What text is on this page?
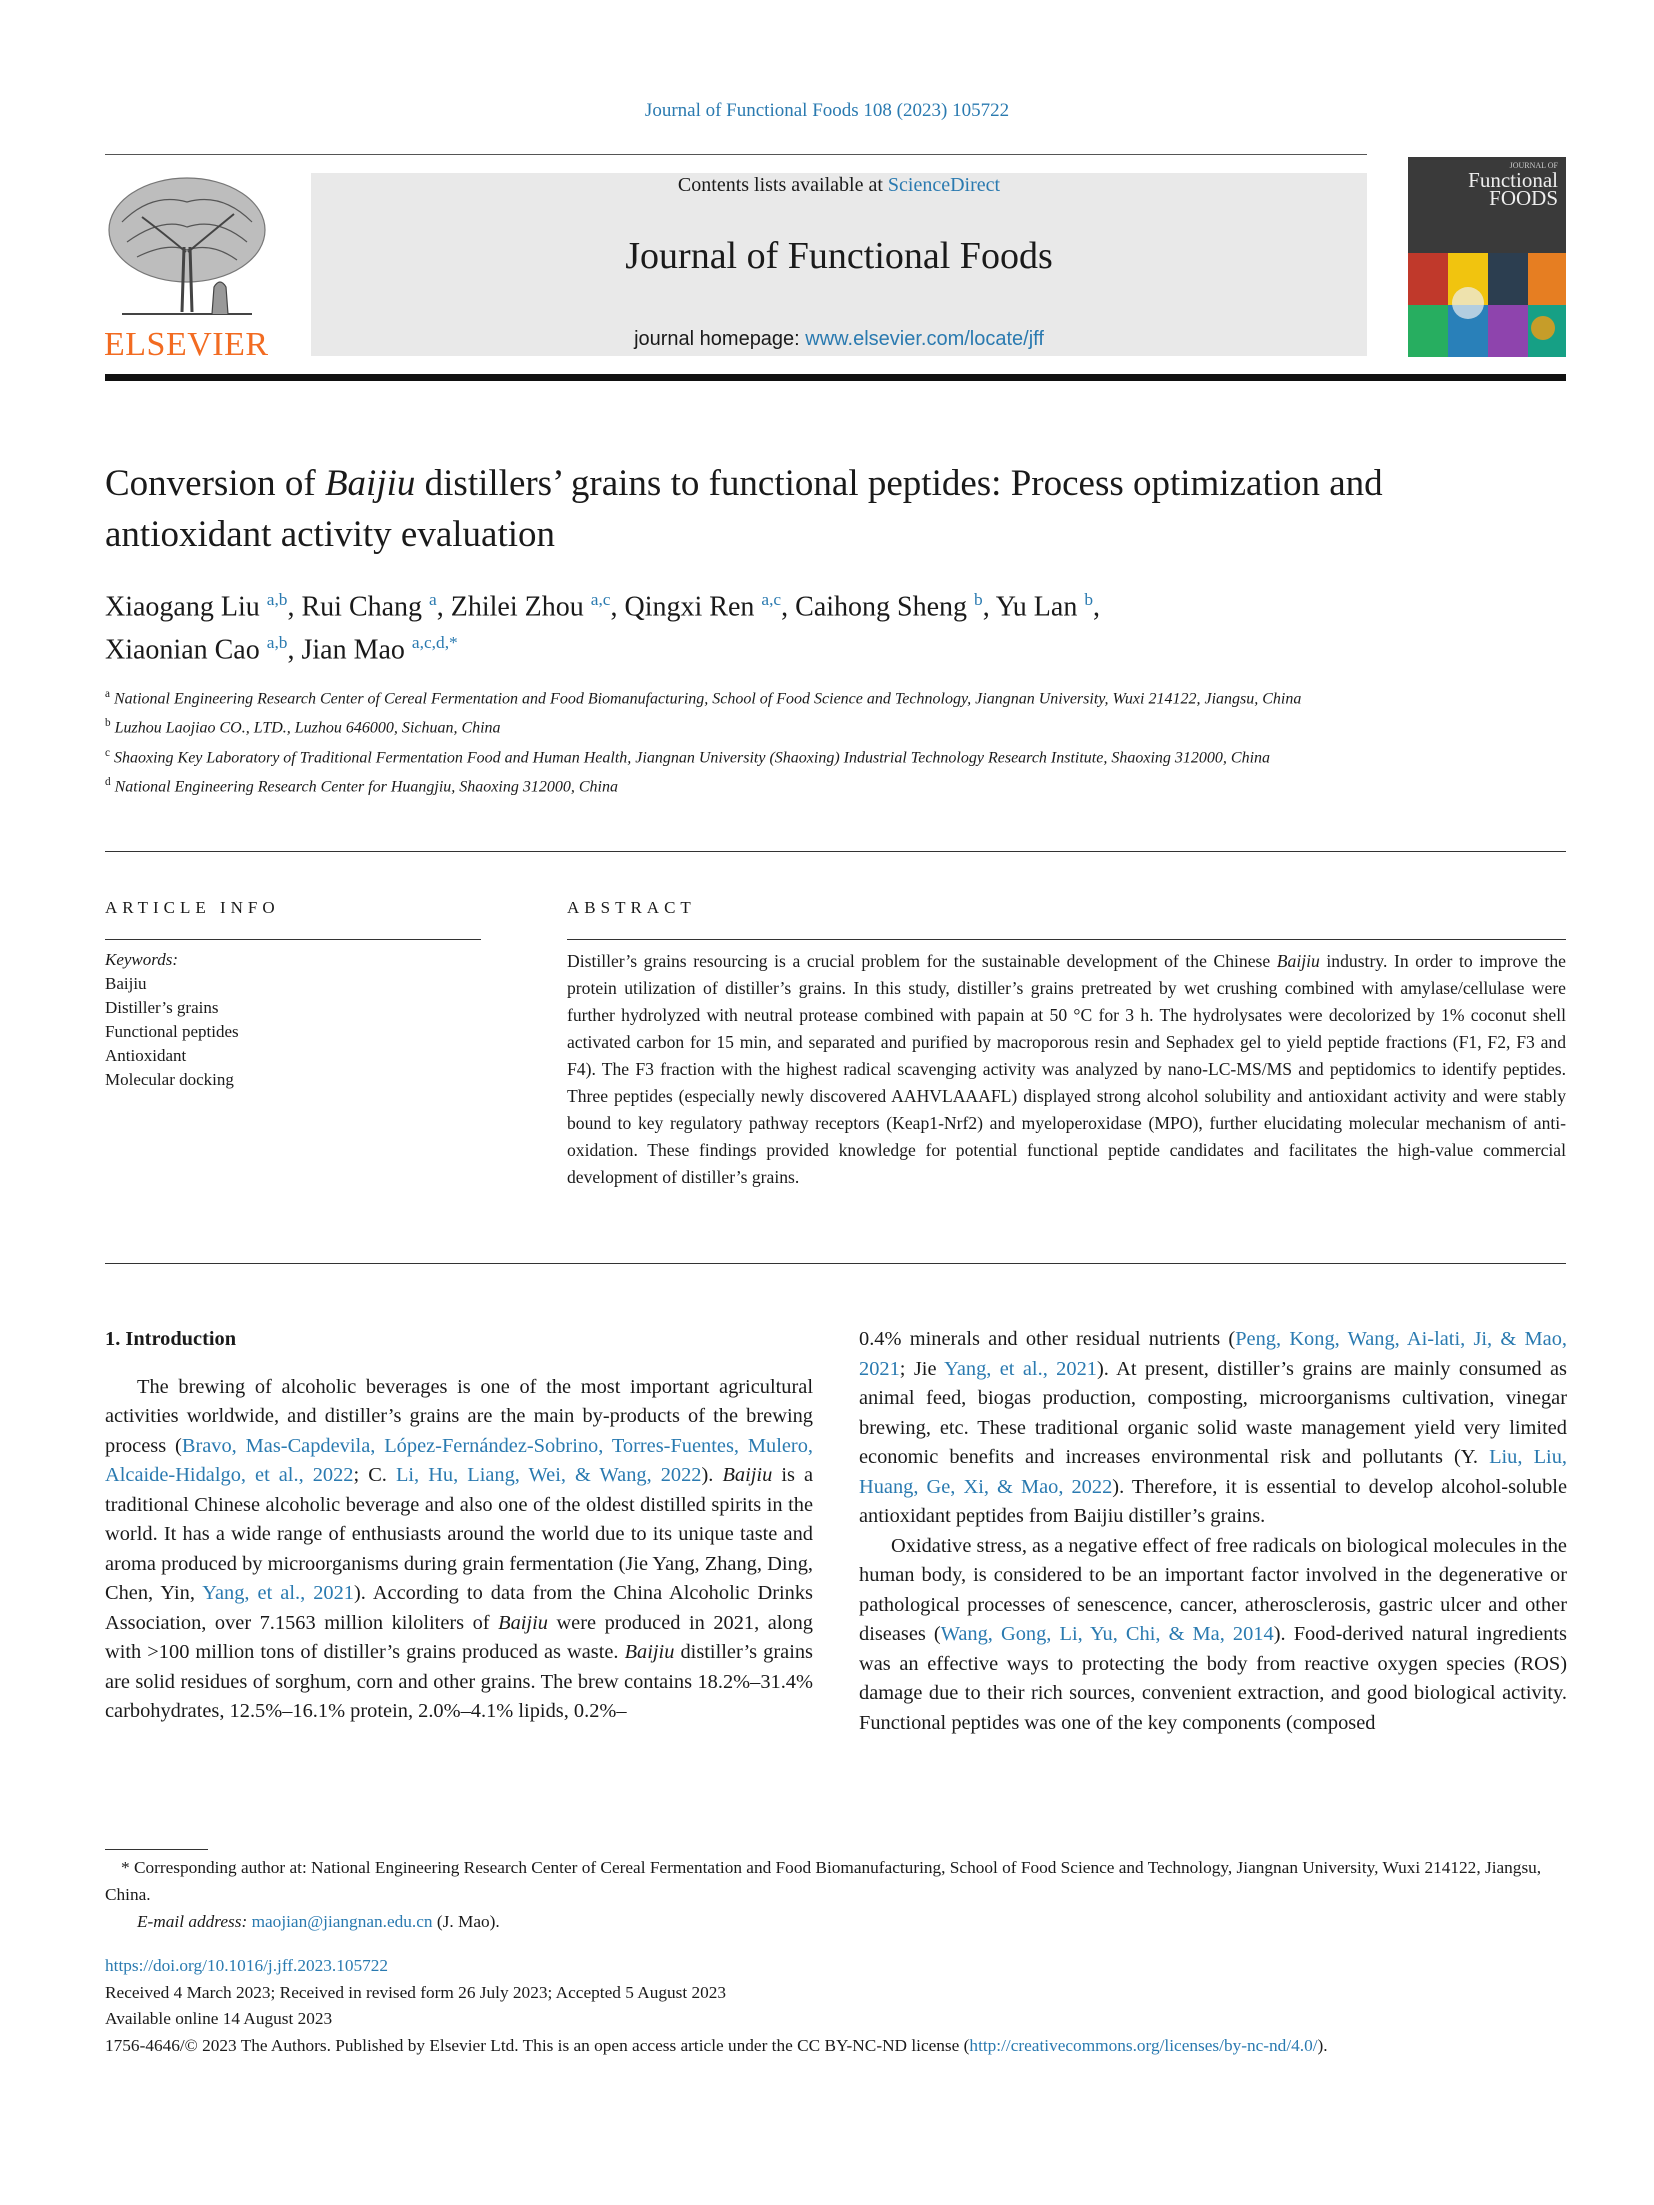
Journal of Functional Foods 108 (2023) 105722
ELSEVIER
Contents lists available at ScienceDirect
Journal of Functional Foods
journal homepage: www.elsevier.com/locate/jff
JOURNAL OF
Functional
FOODS
Conversion of Baijiu distillers’ grains to functional peptides: Process optimization and antioxidant activity evaluation
Xiaogang Liu $^{a,b}$, Rui Chang $^a$, Zhilei Zhou $^{a,c}$, Qingxi Ren $^{a,c}$, Caihong Sheng $^b$, Yu Lan $^b$,
Xiaonian Cao $^{a,b}$, Jian Mao $^{a,c,d,*}$
$^a$ National Engineering Research Center of Cereal Fermentation and Food Biomanufacturing, School of Food Science and Technology, Jiangnan University, Wuxi 214122, Jiangsu, China
$^b$ Luzhou Laojiao CO., LTD., Luzhou 646000, Sichuan, China
$^c$ Shaoxing Key Laboratory of Traditional Fermentation Food and Human Health, Jiangnan University (Shaoxing) Industrial Technology Research Institute, Shaoxing 312000, China
$^d$ National Engineering Research Center for Huangjiu, Shaoxing 312000, China
ARTICLE INFO	ABSTRACT
Keywords:
Baijiu
Distiller’s grains
Functional peptides
Antioxidant
Molecular docking
Distiller’s grains resourcing is a crucial problem for the sustainable development of the Chinese Baijiu industry. In order to improve the protein utilization of distiller’s grains. In this study, distiller’s grains pretreated by wet crushing combined with amylase/cellulase were further hydrolyzed with neutral protease combined with papain at 50 °C for 3 h. The hydrolysates were decolorized by 1% coconut shell activated carbon for 15 min, and separated and purified by macroporous resin and Sephadex gel to yield peptide fractions (F1, F2, F3 and F4). The F3 fraction with the highest radical scavenging activity was analyzed by nano-LC-MS/MS and peptidomics to identify peptides. Three peptides (especially newly discovered AAHVLAAAFL) displayed strong alcohol solubility and antioxidant activity and were stably bound to key regulatory pathway receptors (Keap1-Nrf2) and myeloperoxidase (MPO), further elucidating molecular mechanism of anti-oxidation. These findings provided knowledge for potential functional peptide candidates and facilitates the high-value commercial development of distiller’s grains.
1. Introduction

The brewing of alcoholic beverages is one of the most important agricultural activities worldwide, and distiller’s grains are the main by-products of the brewing process (Bravo, Mas-Capdevila, López-Fernández-Sobrino, Torres-Fuentes, Mulero, Alcaide-Hidalgo, et al., 2022; C. Li, Hu, Liang, Wei, & Wang, 2022). Baijiu is a traditional Chinese alcoholic beverage and also one of the oldest distilled spirits in the world. It has a wide range of enthusiasts around the world due to its unique taste and aroma produced by microorganisms during grain fermentation (Jie Yang, Zhang, Ding, Chen, Yin, Yang, et al., 2021). According to data from the China Alcoholic Drinks Association, over 7.1563 million kiloliters of Baijiu were produced in 2021, along with >100 million tons of distiller’s grains produced as waste. Baijiu distiller’s grains are solid residues of sorghum, corn and other grains. The brew contains 18.2%–31.4% carbohydrates, 12.5%–16.1% protein, 2.0%–4.1% lipids, 0.2%–

0.4% minerals and other residual nutrients (Peng, Kong, Wang, Ai-lati, Ji, & Mao, 2021; Jie Yang, et al., 2021). At present, distiller’s grains are mainly consumed as animal feed, biogas production, composting, microorganisms cultivation, vinegar brewing, etc. These traditional organic solid waste management yield very limited economic benefits and increases environmental risk and pollutants (Y. Liu, Liu, Huang, Ge, Xi, & Mao, 2022). Therefore, it is essential to develop alcohol-soluble antioxidant peptides from Baijiu distiller’s grains.

Oxidative stress, as a negative effect of free radicals on biological molecules in the human body, is considered to be an important factor involved in the degenerative or pathological processes of senescence, cancer, atherosclerosis, gastric ulcer and other diseases (Wang, Gong, Li, Yu, Chi, & Ma, 2014). Food-derived natural ingredients was an effective ways to protecting the body from reactive oxygen species (ROS) damage due to their rich sources, convenient extraction, and good biological activity. Functional peptides was one of the key components (composed

* Corresponding author at: National Engineering Research Center of Cereal Fermentation and Food Biomanufacturing, School of Food Science and Technology, Jiangnan University, Wuxi 214122, Jiangsu, China.
E-mail address: maojian@jiangnan.edu.cn (J. Mao).
https://doi.org/10.1016/j.jff.2023.105722
Received 4 March 2023; Received in revised form 26 July 2023; Accepted 5 August 2023
Available online 14 August 2023
1756-4646/© 2023 The Authors. Published by Elsevier Ltd. This is an open access article under the CC BY-NC-ND license (http://creativecommons.org/licenses/by-nc-nd/4.0/).
